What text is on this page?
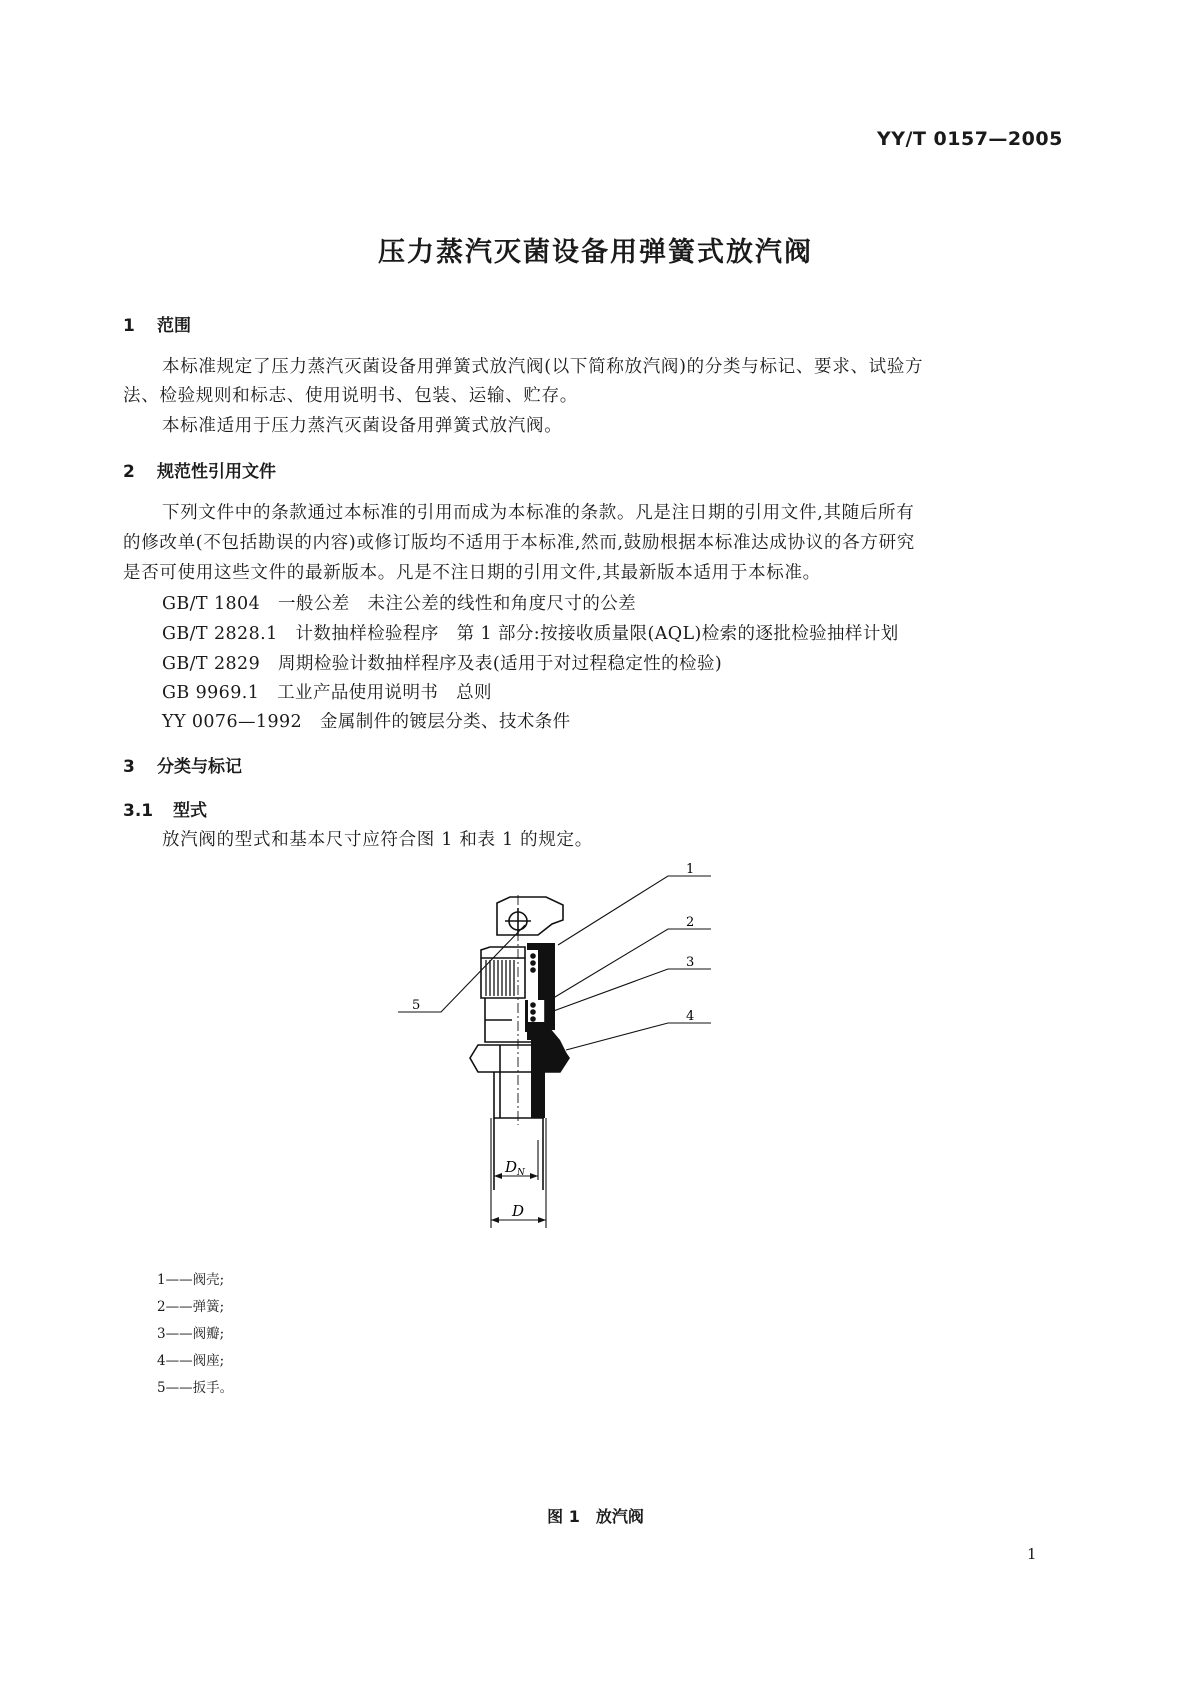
YY/T 0157—2005
压力蒸汽灭菌设备用弹簧式放汽阀
1 范围
本标准规定了压力蒸汽灭菌设备用弹簧式放汽阀(以下简称放汽阀)的分类与标记、要求、试验方
法、检验规则和标志、使用说明书、包装、运输、贮存。
本标准适用于压力蒸汽灭菌设备用弹簧式放汽阀。
2 规范性引用文件
下列文件中的条款通过本标准的引用而成为本标准的条款。凡是注日期的引用文件,其随后所有
的修改单(不包括勘误的内容)或修订版均不适用于本标准,然而,鼓励根据本标准达成协议的各方研究
是否可使用这些文件的最新版本。凡是不注日期的引用文件,其最新版本适用于本标准。
GB/T 1804　 一般公差　未注公差的线性和角度尺寸的公差
GB/T 2828.1　 计数抽样检验程序　第 1 部分:按接收质量限(AQL)检索的逐批检验抽样计划
GB/T 2829　 周期检验计数抽样程序及表(适用于对过程稳定性的检验)
GB 9969.1　 工业产品使用说明书　总则
YY 0076—1992　 金属制件的镀层分类、技术条件
3 分类与标记
3.1 型式
放汽阀的型式和基本尺寸应符合图 1 和表 1 的规定。
1
2
3
4
5
$D_N$
D
1——阀壳;
2——弹簧;
3——阀瓣;
4——阀座;
5——扳手。
图 1　放汽阀
1
